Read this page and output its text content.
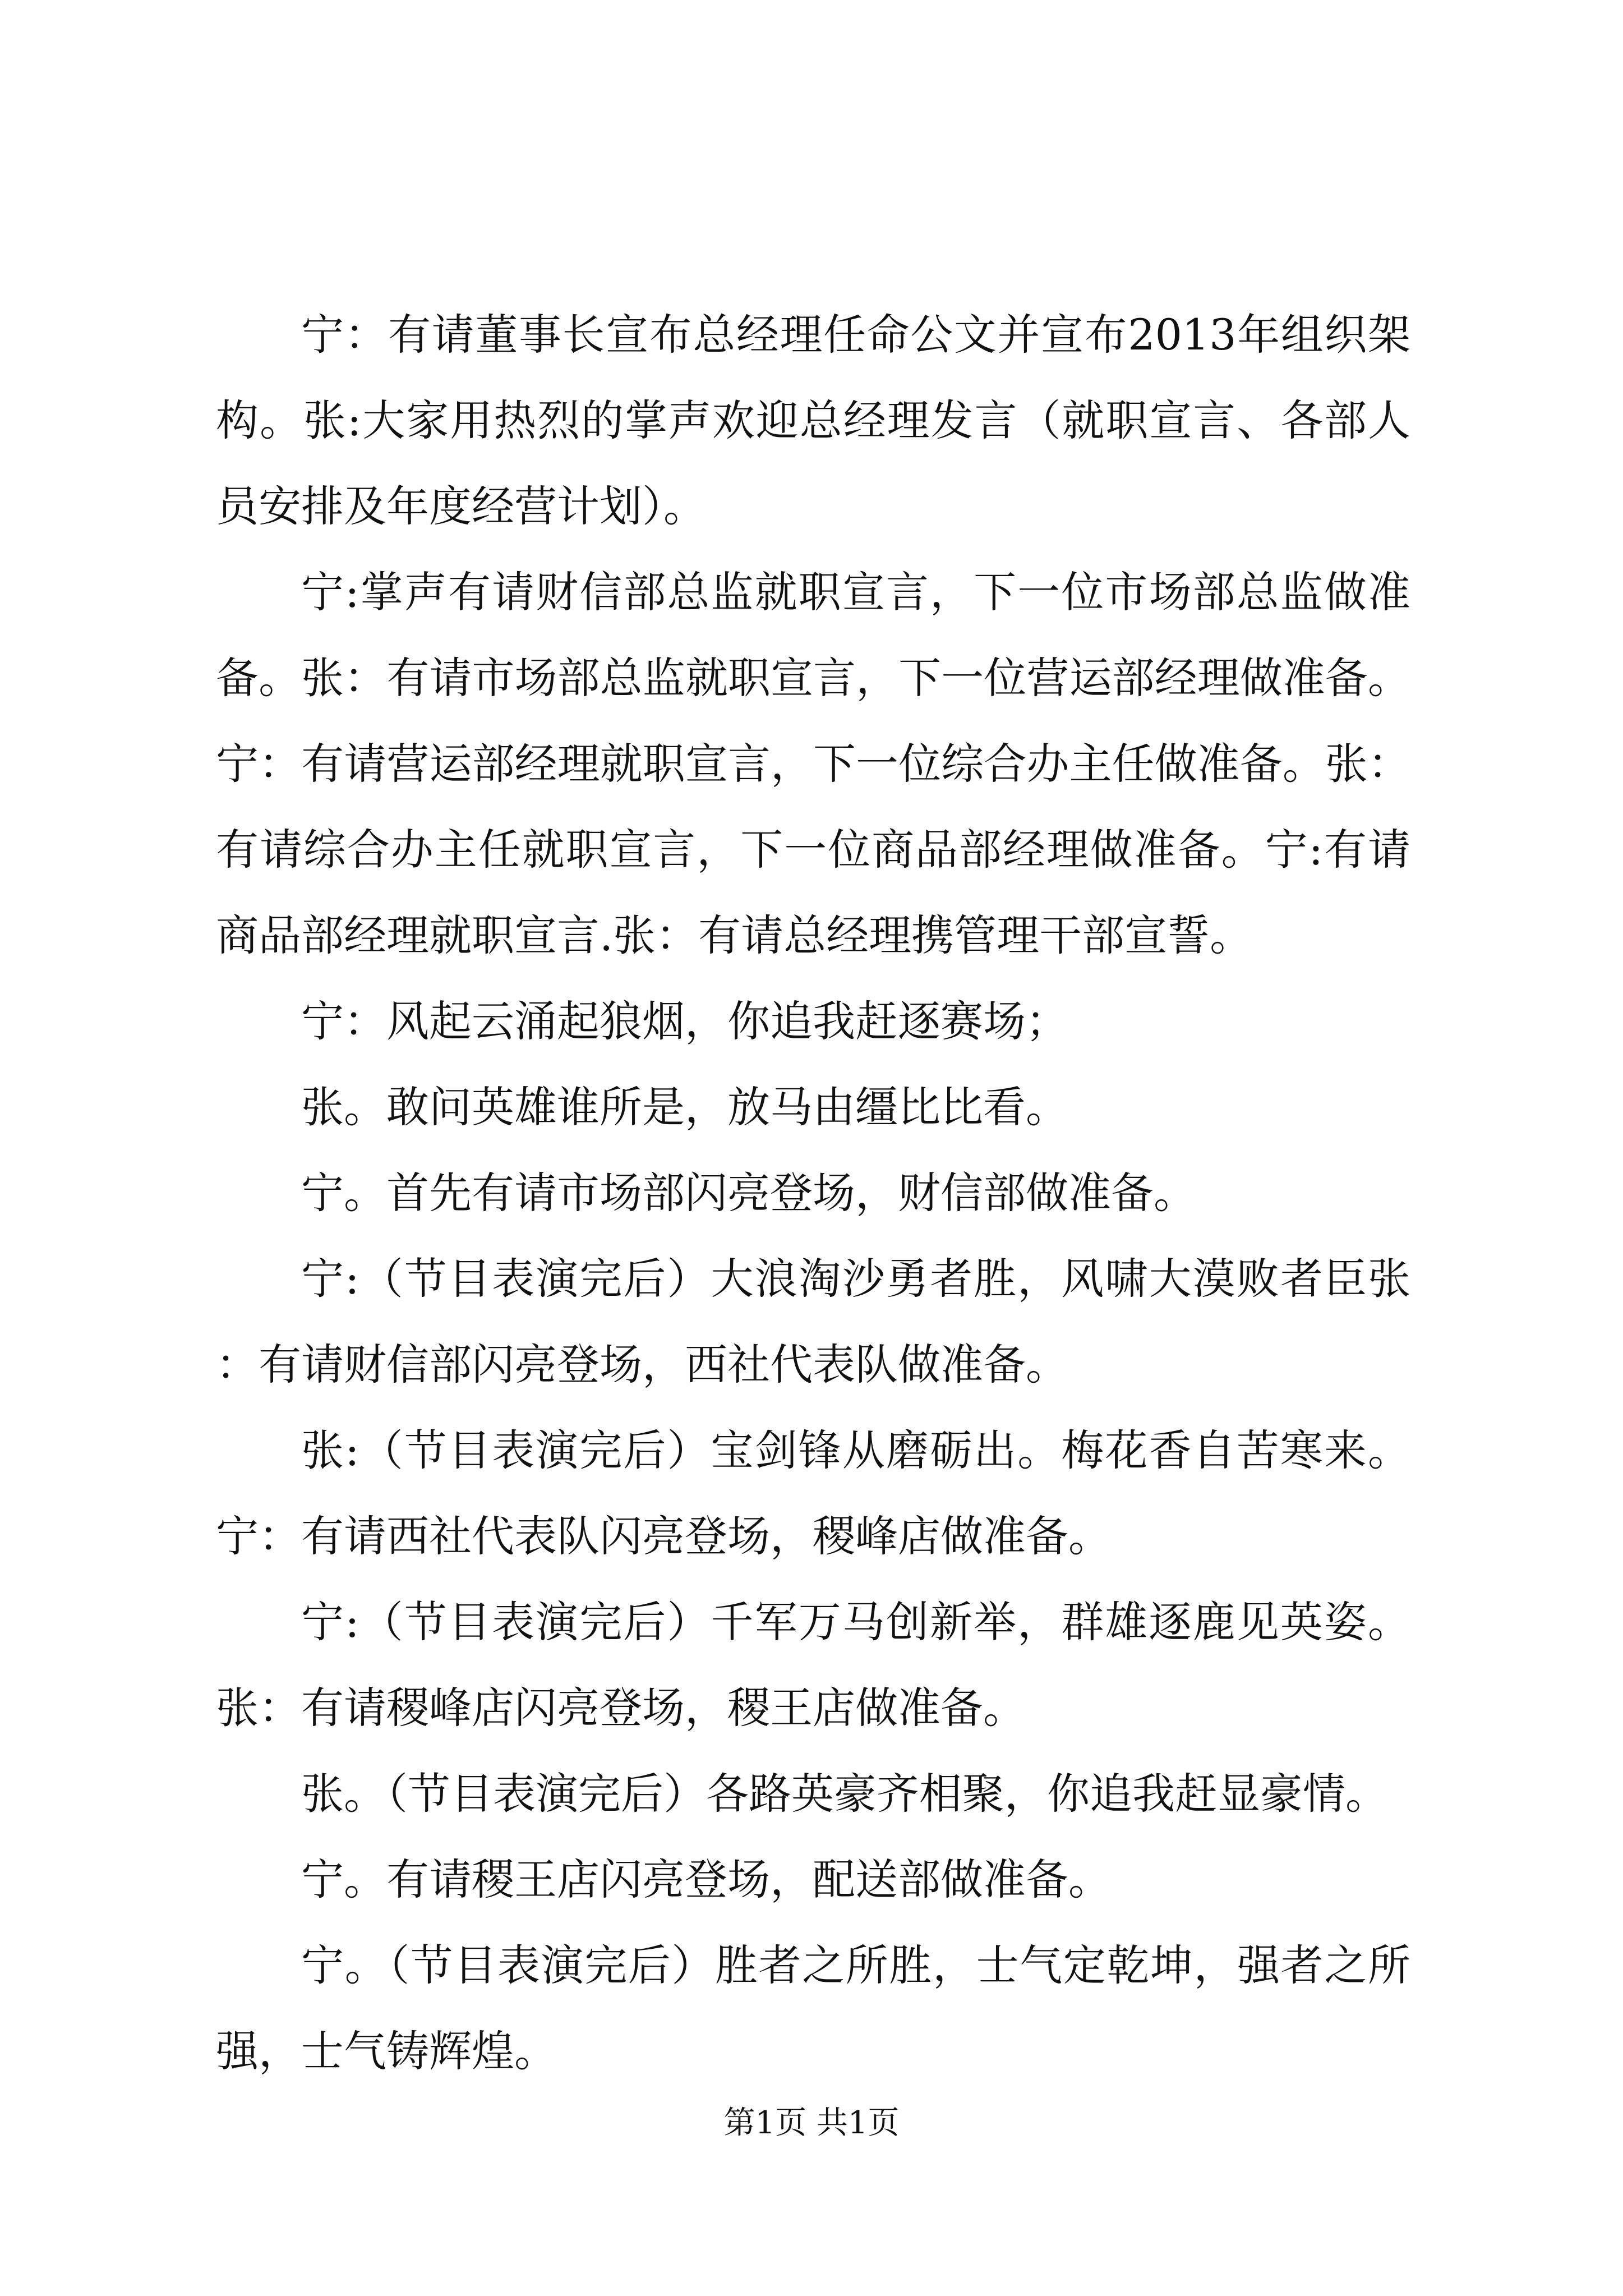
宁：有请董事长宣布总经理任命公文并宣布2013年组织架构。张:大家用热烈的掌声欢迎总经理发言（就职宣言、各部人员安排及年度经营计划）。

宁:掌声有请财信部总监就职宣言，下一位市场部总监做准备。张：有请市场部总监就职宣言，下一位营运部经理做准备。宁：有请营运部经理就职宣言，下一位综合办主任做准备。张：有请综合办主任就职宣言，下一位商品部经理做准备。宁:有请商品部经理就职宣言.张：有请总经理携管理干部宣誓。

宁：风起云涌起狼烟，你追我赶逐赛场；

张。敢问英雄谁所是，放马由缰比比看。

宁。首先有请市场部闪亮登场，财信部做准备。

宁:（节目表演完后）大浪淘沙勇者胜，风啸大漠败者臣张：有请财信部闪亮登场，西社代表队做准备。

张:（节目表演完后）宝剑锋从磨砺出。梅花香自苦寒来。宁：有请西社代表队闪亮登场，稷峰店做准备。

宁:（节目表演完后）千军万马创新举，群雄逐鹿见英姿。张：有请稷峰店闪亮登场，稷王店做准备。

张。（节目表演完后）各路英豪齐相聚，你追我赶显豪情。

宁。有请稷王店闪亮登场，配送部做准备。

宁。（节目表演完后）胜者之所胜，士气定乾坤，强者之所强，士气铸辉煌。

第1页 共1页
